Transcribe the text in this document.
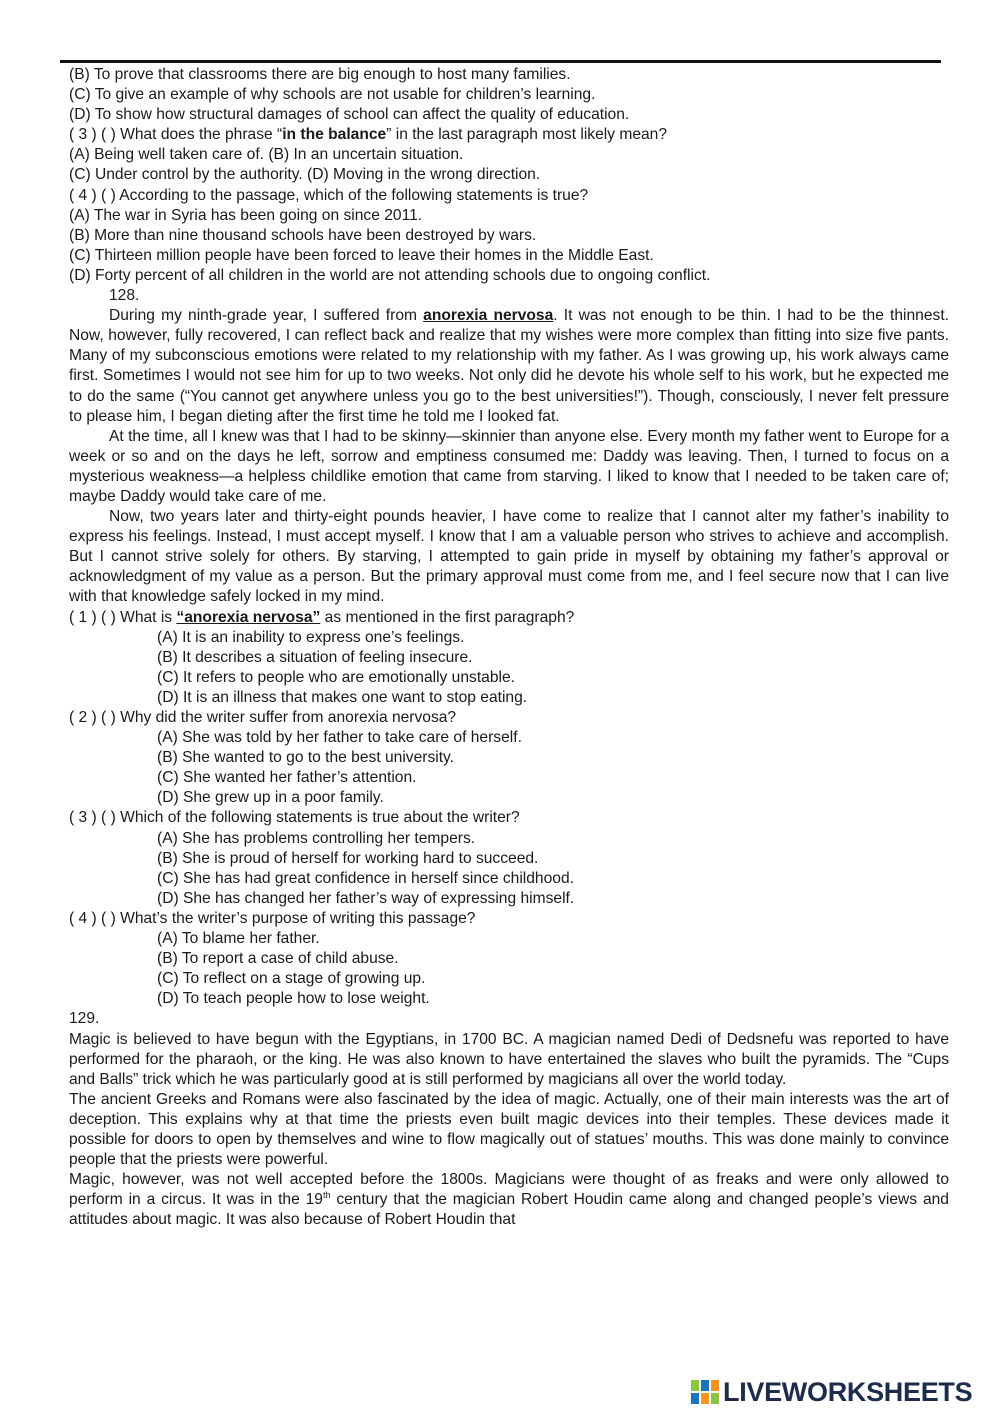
(B) To prove that classrooms there are big enough to host many families.
(C) To give an example of why schools are not usable for children’s learning.
(D) To show how structural damages of school can affect the quality of education.
( 3 ) ( ) What does the phrase “in the balance” in the last paragraph most likely mean?
(A) Being well taken care of. (B) In an uncertain situation.
(C) Under control by the authority. (D) Moving in the wrong direction.
( 4 ) ( ) According to the passage, which of the following statements is true?
(A) The war in Syria has been going on since 2011.
(B) More than nine thousand schools have been destroyed by wars.
(C) Thirteen million people have been forced to leave their homes in the Middle East.
(D) Forty percent of all children in the world are not attending schools due to ongoing conflict.
128.
During my ninth-grade year, I suffered from anorexia nervosa. It was not enough to be thin. I had to be the thinnest. Now, however, fully recovered, I can reflect back and realize that my wishes were more complex than fitting into size five pants. Many of my subconscious emotions were related to my relationship with my father. As I was growing up, his work always came first. Sometimes I would not see him for up to two weeks. Not only did he devote his whole self to his work, but he expected me to do the same (“You cannot get anywhere unless you go to the best universities!”). Though, consciously, I never felt pressure to please him, I began dieting after the first time he told me I looked fat.
At the time, all I knew was that I had to be skinny—skinnier than anyone else. Every month my father went to Europe for a week or so and on the days he left, sorrow and emptiness consumed me: Daddy was leaving. Then, I turned to focus on a mysterious weakness—a helpless childlike emotion that came from starving. I liked to know that I needed to be taken care of; maybe Daddy would take care of me.
Now, two years later and thirty-eight pounds heavier, I have come to realize that I cannot alter my father’s inability to express his feelings. Instead, I must accept myself. I know that I am a valuable person who strives to achieve and accomplish. But I cannot strive solely for others. By starving, I attempted to gain pride in myself by obtaining my father’s approval or acknowledgment of my value as a person. But the primary approval must come from me, and I feel secure now that I can live with that knowledge safely locked in my mind.
( 1 ) ( ) What is “anorexia nervosa” as mentioned in the first paragraph?
(A) It is an inability to express one’s feelings.
(B) It describes a situation of feeling insecure.
(C) It refers to people who are emotionally unstable.
(D) It is an illness that makes one want to stop eating.
( 2 ) ( ) Why did the writer suffer from anorexia nervosa?
(A) She was told by her father to take care of herself.
(B) She wanted to go to the best university.
(C) She wanted her father’s attention.
(D) She grew up in a poor family.
( 3 ) ( ) Which of the following statements is true about the writer?
(A) She has problems controlling her tempers.
(B) She is proud of herself for working hard to succeed.
(C) She has had great confidence in herself since childhood.
(D) She has changed her father’s way of expressing himself.
( 4 ) ( ) What’s the writer’s purpose of writing this passage?
(A) To blame her father.
(B) To report a case of child abuse.
(C) To reflect on a stage of growing up.
(D) To teach people how to lose weight.
129.
Magic is believed to have begun with the Egyptians, in 1700 BC. A magician named Dedi of Dedsnefu was reported to have performed for the pharaoh, or the king. He was also known to have entertained the slaves who built the pyramids. The “Cups and Balls” trick which he was particularly good at is still performed by magicians all over the world today.
The ancient Greeks and Romans were also fascinated by the idea of magic. Actually, one of their main interests was the art of deception. This explains why at that time the priests even built magic devices into their temples. These devices made it possible for doors to open by themselves and wine to flow magically out of statues’ mouths. This was done mainly to convince people that the priests were powerful.
Magic, however, was not well accepted before the 1800s. Magicians were thought of as freaks and were only allowed to perform in a circus. It was in the 19th century that the magician Robert Houdin came along and changed people’s views and attitudes about magic. It was also because of Robert Houdin that
LIVEWORKSHEETS
